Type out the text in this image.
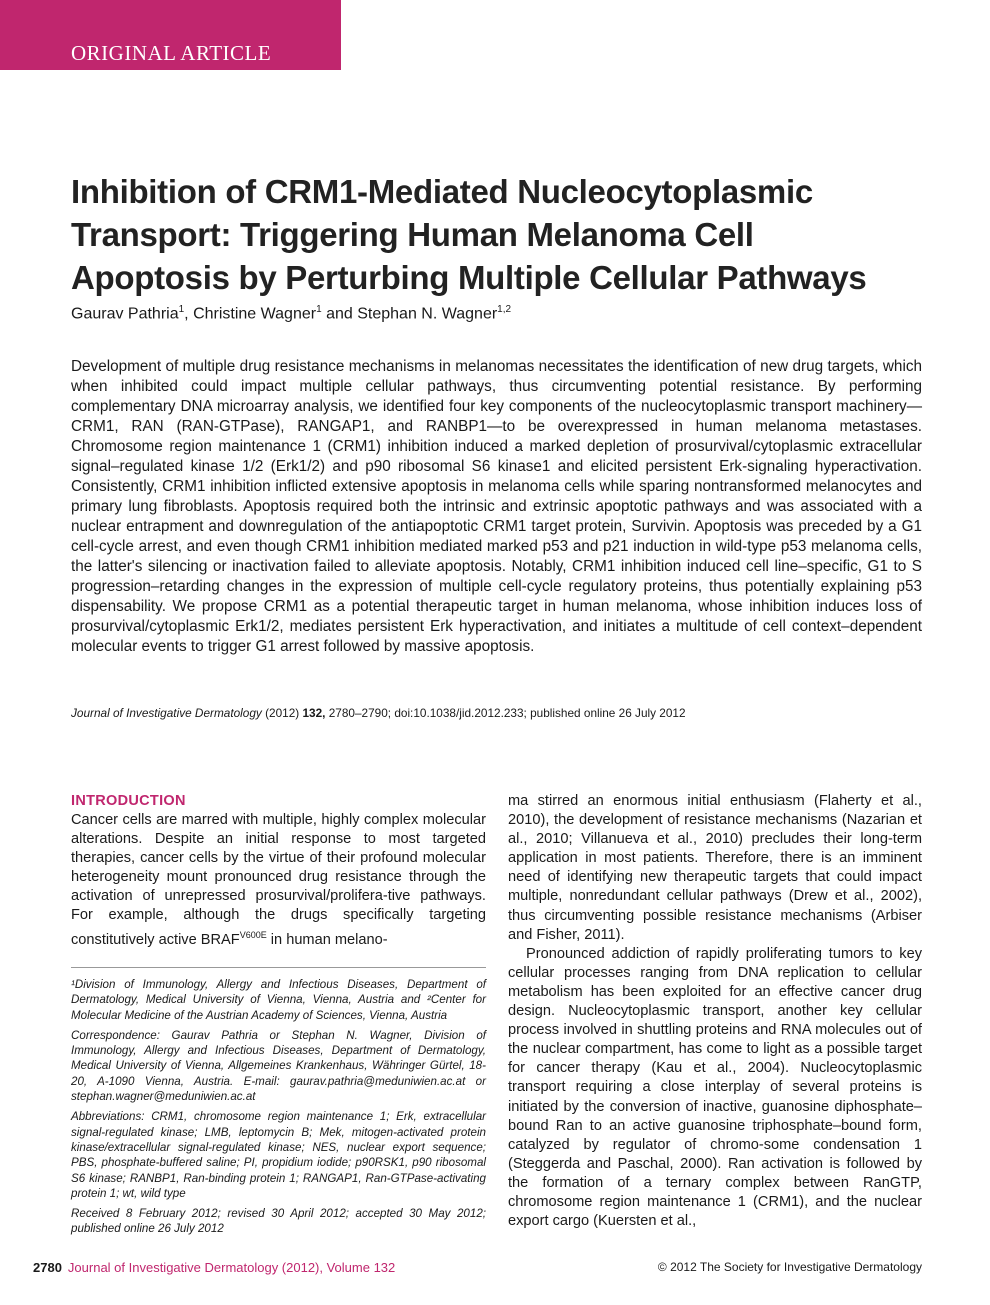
ORIGINAL ARTICLE
Inhibition of CRM1-Mediated Nucleocytoplasmic
Transport: Triggering Human Melanoma Cell
Apoptosis by Perturbing Multiple Cellular Pathways
Gaurav Pathria$^1$, Christine Wagner$^1$ and Stephan N. Wagner$^{1,2}$

Development of multiple drug resistance mechanisms in melanomas necessitates the identification of new drug targets, which when inhibited could impact multiple cellular pathways, thus circumventing potential resistance. By performing complementary DNA microarray analysis, we identified four key components of the nucleocytoplasmic transport machinery—CRM1, RAN (RAN-GTPase), RANGAP1, and RANBP1—to be overexpressed in human melanoma metastases. Chromosome region maintenance 1 (CRM1) inhibition induced a marked depletion of prosurvival/cytoplasmic extracellular signal–regulated kinase 1/2 (Erk1/2) and p90 ribosomal S6 kinase1 and elicited persistent Erk-signaling hyperactivation. Consistently, CRM1 inhibition inflicted extensive apoptosis in melanoma cells while sparing nontransformed melanocytes and primary lung fibroblasts. Apoptosis required both the intrinsic and extrinsic apoptotic pathways and was associated with a nuclear entrapment and downregulation of the antiapoptotic CRM1 target protein, Survivin. Apoptosis was preceded by a G1 cell-cycle arrest, and even though CRM1 inhibition mediated marked p53 and p21 induction in wild-type p53 melanoma cells, the latter's silencing or inactivation failed to alleviate apoptosis. Notably, CRM1 inhibition induced cell line–specific, G1 to S progression–retarding changes in the expression of multiple cell-cycle regulatory proteins, thus potentially explaining p53 dispensability. We propose CRM1 as a potential therapeutic target in human melanoma, whose inhibition induces loss of prosurvival/cytoplasmic Erk1/2, mediates persistent Erk hyperactivation, and initiates a multitude of cell context–dependent molecular events to trigger G1 arrest followed by massive apoptosis.

Journal of Investigative Dermatology (2012) 132, 2780–2790; doi:10.1038/jid.2012.233; published online 26 July 2012
INTRODUCTION

Cancer cells are marred with multiple, highly complex molecular alterations. Despite an initial response to most targeted therapies, cancer cells by the virtue of their profound molecular heterogeneity mount pronounced drug resistance through the activation of unrepressed prosurvival/prolifera-tive pathways. For example, although the drugs specifically targeting constitutively active $BRAF^{V600E}$ in human melano-

¹Division of Immunology, Allergy and Infectious Diseases, Department of Dermatology, Medical University of Vienna, Vienna, Austria and ²Center for Molecular Medicine of the Austrian Academy of Sciences, Vienna, Austria

Correspondence: Gaurav Pathria or Stephan N. Wagner, Division of Immunology, Allergy and Infectious Diseases, Department of Dermatology, Medical University of Vienna, Allgemeines Krankenhaus, Währinger Gürtel, 18-20, A-1090 Vienna, Austria. E-mail: gaurav.pathria@meduniwien.ac.at or stephan.wagner@meduniwien.ac.at

Abbreviations: CRM1, chromosome region maintenance 1; Erk, extracellular signal-regulated kinase; LMB, leptomycin B; Mek, mitogen-activated protein kinase/extracellular signal-regulated kinase; NES, nuclear export sequence; PBS, phosphate-buffered saline; PI, propidium iodide; p90RSK1, p90 ribosomal S6 kinase; RANBP1, Ran-binding protein 1; RANGAP1, Ran-GTPase-activating protein 1; wt, wild type

Received 8 February 2012; revised 30 April 2012; accepted 30 May 2012; published online 26 July 2012

ma stirred an enormous initial enthusiasm (Flaherty et al., 2010), the development of resistance mechanisms (Nazarian et al., 2010; Villanueva et al., 2010) precludes their long-term application in most patients. Therefore, there is an imminent need of identifying new therapeutic targets that could impact multiple, nonredundant cellular pathways (Drew et al., 2002), thus circumventing possible resistance mechanisms (Arbiser and Fisher, 2011).

Pronounced addiction of rapidly proliferating tumors to key cellular processes ranging from DNA replication to cellular metabolism has been exploited for an effective cancer drug design. Nucleocytoplasmic transport, another key cellular process involved in shuttling proteins and RNA molecules out of the nuclear compartment, has come to light as a possible target for cancer therapy (Kau et al., 2004). Nucleocytoplasmic transport requiring a close interplay of several proteins is initiated by the conversion of inactive, guanosine diphosphate–bound Ran to an active guanosine triphosphate–bound form, catalyzed by regulator of chromo-some condensation 1 (Steggerda and Paschal, 2000). Ran activation is followed by the formation of a ternary complex between RanGTP, chromosome region maintenance 1 (CRM1), and the nuclear export cargo (Kuersten et al.,

2780 Journal of Investigative Dermatology (2012), Volume 132	© 2012 The Society for Investigative Dermatology
